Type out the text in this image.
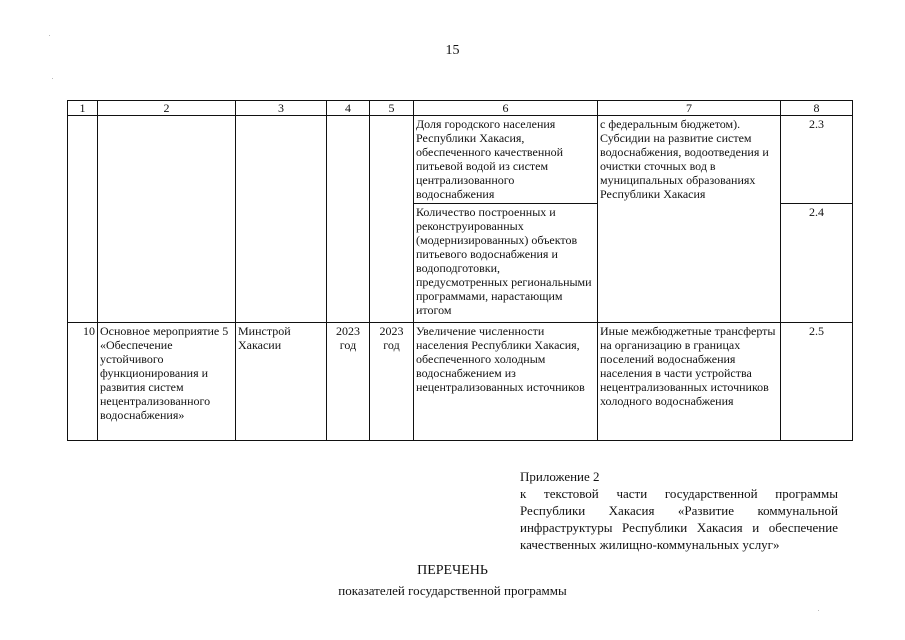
15
1	2	3	4	5	6	7	8
					Доля городского населения Республики Хакасия, обеспеченного качественной питьевой водой из систем централизованного водоснабжения	с федеральным бюджетом). Субсидии на развитие систем водоснабжения, водоотведения и очистки сточных вод в муниципальных образованиях Республики Хакасия	2.3
					Количество построенных и реконструированных (модернизированных) объектов питьевого водоснабжения и водоподготовки, предусмотренных региональными программами, нарастающим итогом		2.4
10	Основное мероприятие 5 «Обеспечение устойчивого функционирования и развития систем нецентрализованного водоснабжения»	Минстрой Хакасии	2023 год	2023 год	Увеличение численности населения Республики Хакасия, обеспеченного холодным водоснабжением из нецентрализованных источников	Иные межбюджетные трансферты на организацию в границах поселений водоснабжения населения в части устройства нецентрализованных источников холодного водоснабжения	2.5

Приложение 2

к текстовой части государственной программы Республики Хакасия «Развитие коммунальной инфраструктуры Республики Хакасия и обеспечение качественных жилищно-коммунальных услуг»

ПЕРЕЧЕНЬ
показателей государственной программы
